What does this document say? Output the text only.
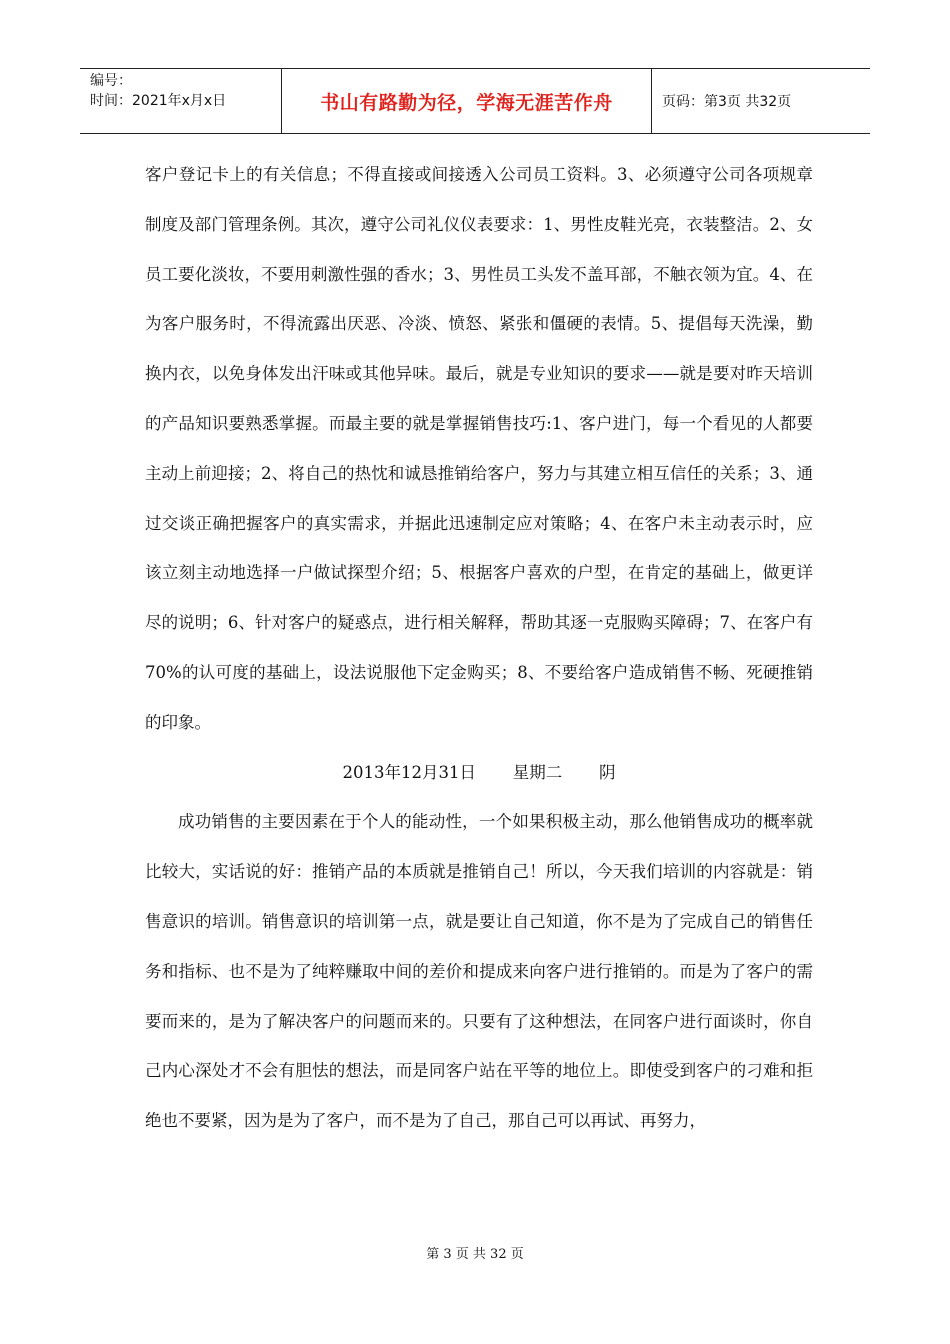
编号：
时间：2021年x月x日	书山有路勤为径，学海无涯苦作舟	页码：第3页 共32页

客户登记卡上的有关信息；不得直接或间接透入公司员工资料。3、必须遵守公司各项规章制度及部门管理条例。其次，遵守公司礼仪仪表要求：1、男性皮鞋光亮，衣装整洁。2、女员工要化淡妆，不要用刺激性强的香水；3、男性员工头发不盖耳部，不触衣领为宜。4、在为客户服务时，不得流露出厌恶、冷淡、愤怒、紧张和僵硬的表情。5、提倡每天洗澡，勤换内衣，以免身体发出汗味或其他异味。最后，就是专业知识的要求——就是要对昨天培训的产品知识要熟悉掌握。而最主要的就是掌握销售技巧:1、客户进门，每一个看见的人都要主动上前迎接；2、将自己的热忱和诚恳推销给客户，努力与其建立相互信任的关系；3、通过交谈正确把握客户的真实需求，并据此迅速制定应对策略；4、在客户未主动表示时，应该立刻主动地选择一户做试探型介绍；5、根据客户喜欢的户型，在肯定的基础上，做更详尽的说明；6、针对客户的疑惑点，进行相关解释，帮助其逐一克服购买障碍；7、在客户有70%的认可度的基础上，设法说服他下定金购买；8、不要给客户造成销售不畅、死硬推销的印象。

2013年12月31日       星期二       阴

成功销售的主要因素在于个人的能动性，一个如果积极主动，那么他销售成功的概率就比较大，实话说的好：推销产品的本质就是推销自己！所以，今天我们培训的内容就是：销售意识的培训。销售意识的培训第一点，就是要让自己知道，你不是为了完成自己的销售任务和指标、也不是为了纯粹赚取中间的差价和提成来向客户进行推销的。而是为了客户的需要而来的，是为了解决客户的问题而来的。只要有了这种想法，在同客户进行面谈时，你自己内心深处才不会有胆怯的想法，而是同客户站在平等的地位上。即使受到客户的刁难和拒绝也不要紧，因为是为了客户，而不是为了自己，那自己可以再试、再努力，

第 3 页 共 32 页
